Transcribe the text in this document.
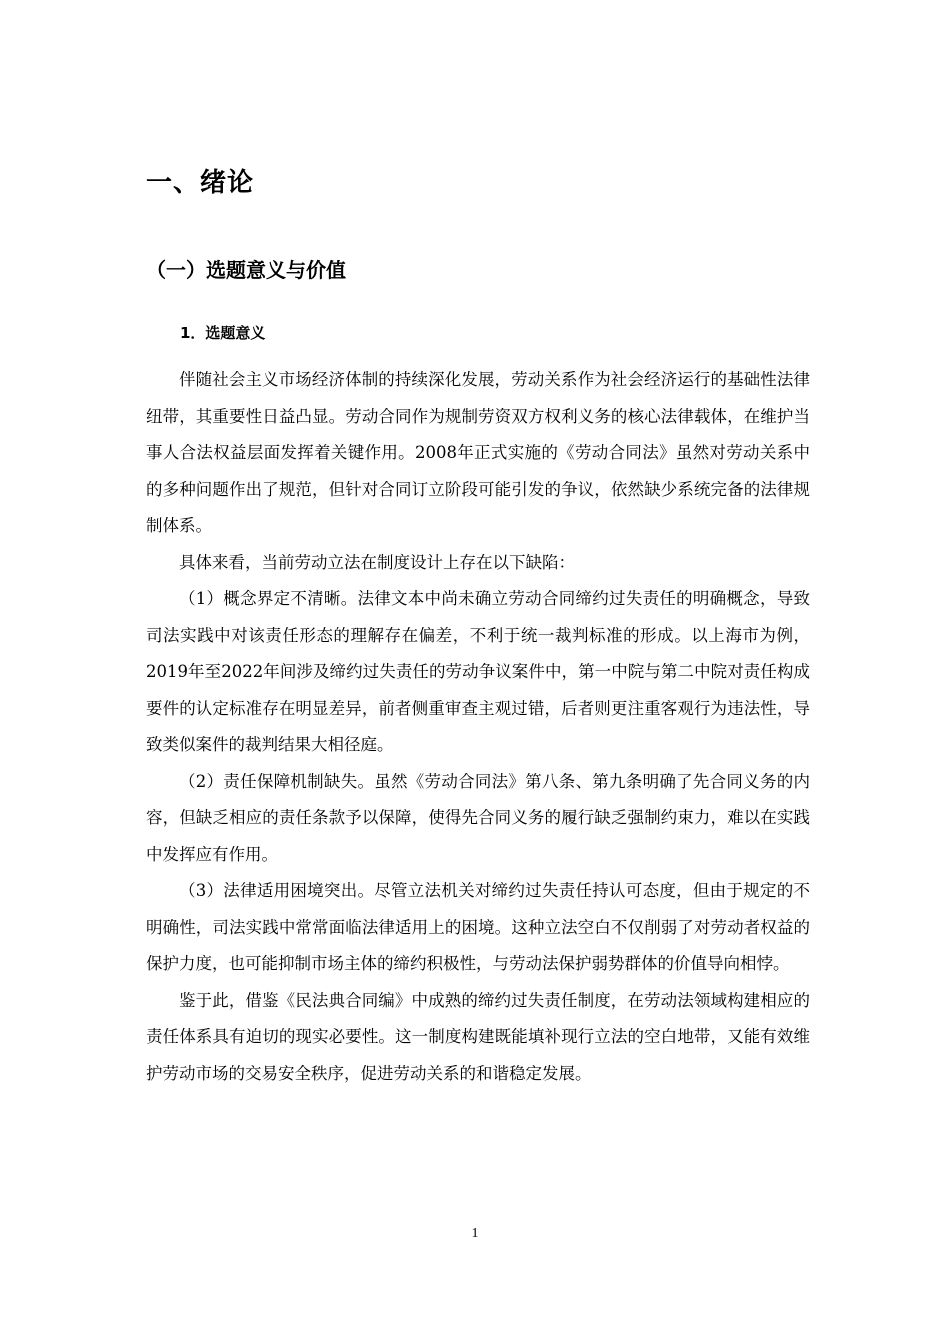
一、绪论
（一）选题意义与价值
1．选题意义

伴随社会主义市场经济体制的持续深化发展，劳动关系作为社会经济运行的基础性法律纽带，其重要性日益凸显。劳动合同作为规制劳资双方权利义务的核心法律载体，在维护当事人合法权益层面发挥着关键作用。2008年正式实施的《劳动合同法》虽然对劳动关系中的多种问题作出了规范，但针对合同订立阶段可能引发的争议，依然缺少系统完备的法律规制体系。

具体来看，当前劳动立法在制度设计上存在以下缺陷：

（1）概念界定不清晰。法律文本中尚未确立劳动合同缔约过失责任的明确概念，导致司法实践中对该责任形态的理解存在偏差，不利于统一裁判标准的形成。以上海市为例，2019年至2022年间涉及缔约过失责任的劳动争议案件中，第一中院与第二中院对责任构成要件的认定标准存在明显差异，前者侧重审查主观过错，后者则更注重客观行为违法性，导致类似案件的裁判结果大相径庭。

（2）责任保障机制缺失。虽然《劳动合同法》第八条、第九条明确了先合同义务的内容，但缺乏相应的责任条款予以保障，使得先合同义务的履行缺乏强制约束力，难以在实践中发挥应有作用。

（3）法律适用困境突出。尽管立法机关对缔约过失责任持认可态度，但由于规定的不明确性，司法实践中常常面临法律适用上的困境。这种立法空白不仅削弱了对劳动者权益的保护力度，也可能抑制市场主体的缔约积极性，与劳动法保护弱势群体的价值导向相悖。

鉴于此，借鉴《民法典合同编》中成熟的缔约过失责任制度，在劳动法领域构建相应的责任体系具有迫切的现实必要性。这一制度构建既能填补现行立法的空白地带，又能有效维护劳动市场的交易安全秩序，促进劳动关系的和谐稳定发展。

1
